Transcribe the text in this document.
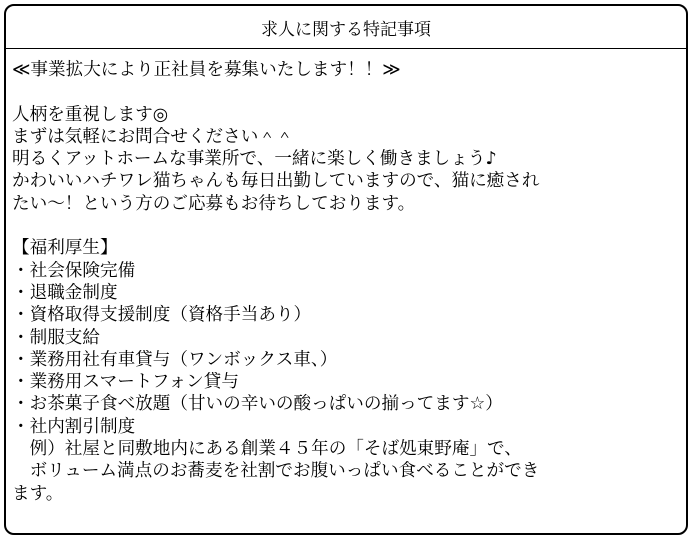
求人に関する特記事項
≪事業拡大により正社員を募集いたします！！≫
人柄を重視します◎
まずは気軽にお問合せください＾＾
明るくアットホームな事業所で、一緒に楽しく働きましょう♪
かわいいハチワレ猫ちゃんも毎日出勤していますので、猫に癒され
たい～！という方のご応募もお待ちしております。
【福利厚生】
・社会保険完備
・退職金制度
・資格取得支援制度（資格手当あり）
・制服支給
・業務用社有車貸与（ワンボックス車、）
・業務用スマートフォン貸与
・お茶菓子食べ放題（甘いの辛いの酸っぱいの揃ってます☆）
・社内割引制度
　例）社屋と同敷地内にある創業４５年の「そば処東野庵」で、
　ボリューム満点のお蕎麦を社割でお腹いっぱい食べることができ
ます。
